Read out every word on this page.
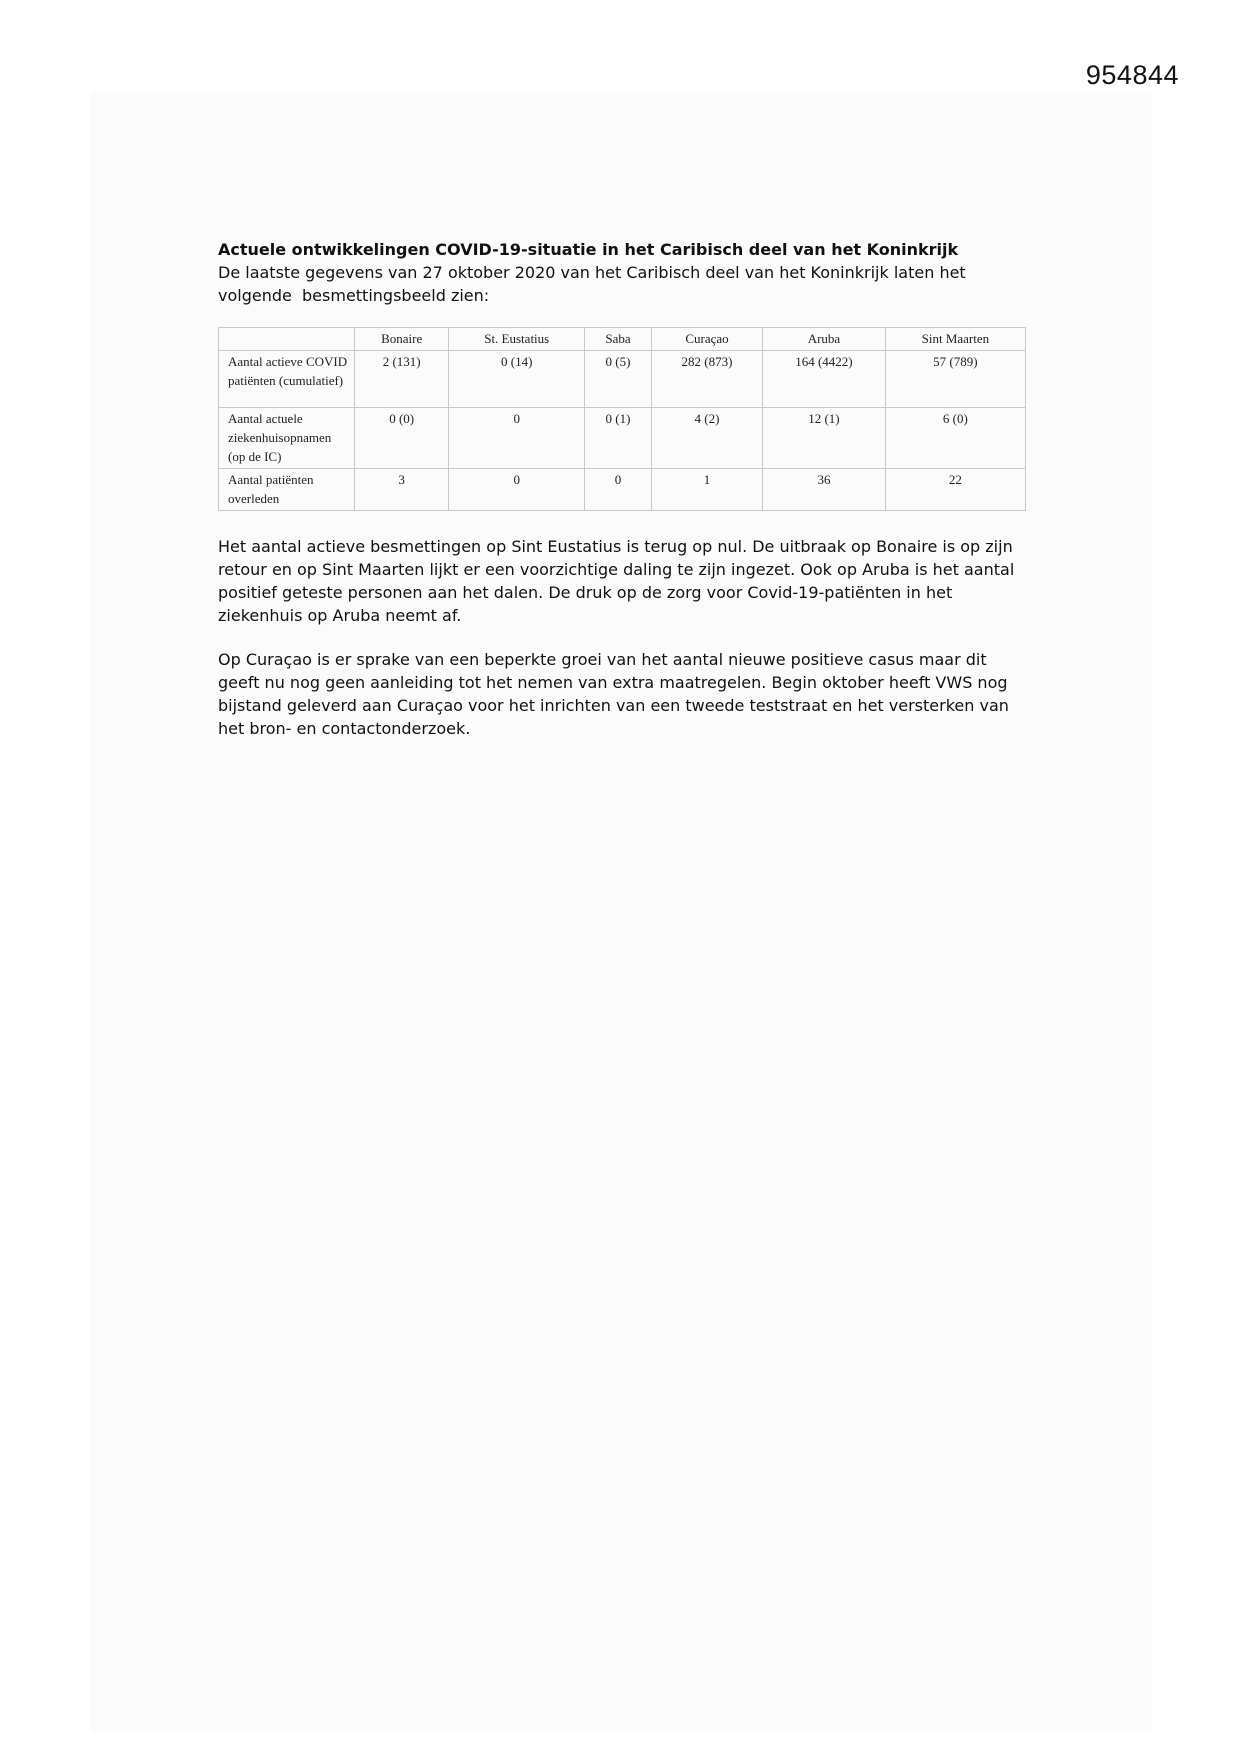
954844

Actuele ontwikkelingen COVID-19-situatie in het Caribisch deel van het Koninkrijk

De laatste gegevens van 27 oktober 2020 van het Caribisch deel van het Koninkrijk laten het volgende  besmettingsbeeld zien:

	Bonaire	St. Eustatius	Saba	Curaçao	Aruba	Sint Maarten
Aantal actieve COVID patiënten (cumulatief)	2 (131)	0 (14)	0 (5)	282 (873)	164 (4422)	57 (789)
Aantal actuele ziekenhuisopnamen (op de IC)	0 (0)	0	0 (1)	4 (2)	12 (1)	6 (0)
Aantal patiënten overleden	3	0	0	1	36	22

Het aantal actieve besmettingen op Sint Eustatius is terug op nul. De uitbraak op Bonaire is op zijn retour en op Sint Maarten lijkt er een voorzichtige daling te zijn ingezet. Ook op Aruba is het aantal positief geteste personen aan het dalen. De druk op de zorg voor Covid-19-patiënten in het ziekenhuis op Aruba neemt af.

Op Curaçao is er sprake van een beperkte groei van het aantal nieuwe positieve casus maar dit geeft nu nog geen aanleiding tot het nemen van extra maatregelen. Begin oktober heeft VWS nog bijstand geleverd aan Curaçao voor het inrichten van een tweede teststraat en het versterken van het bron- en contactonderzoek.
